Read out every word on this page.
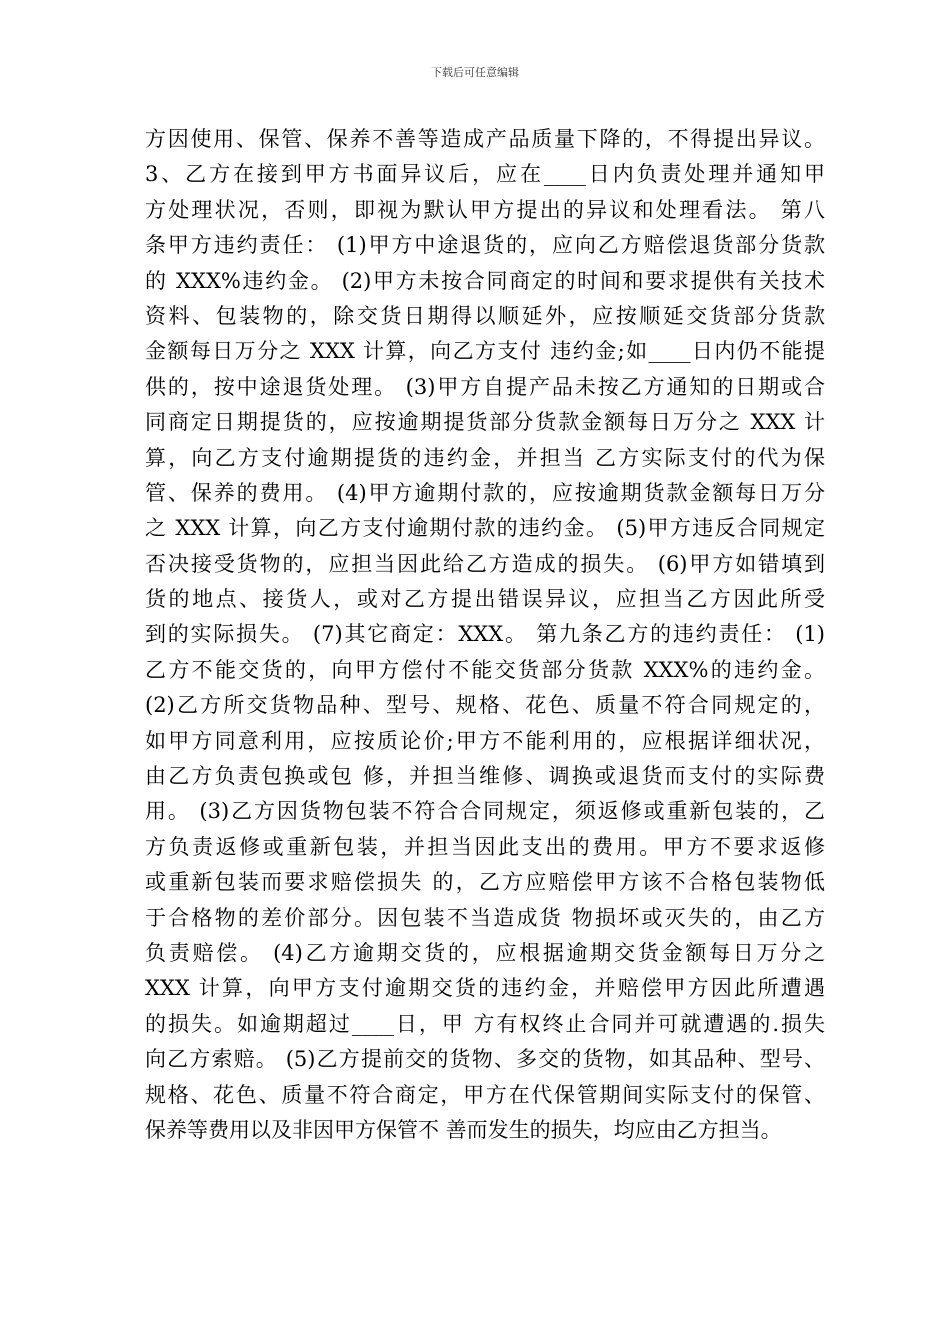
下载后可任意编辑
方因使用、保管、保养不善等造成产品质量下降的，不得提出异议。
3、乙方在接到甲方书面异议后，应在____日内负责处理并通知甲
方处理状况，否则，即视为默认甲方提出的异议和处理看法。 第八
条甲方违约责任： (1)甲方中途退货的，应向乙方赔偿退货部分货款
的 XXX%违约金。 (2)甲方未按合同商定的时间和要求提供有关技术
资料、包装物的，除交货日期得以顺延外，应按顺延交货部分货款
金额每日万分之 XXX 计算，向乙方支付 违约金;如____日内仍不能提
供的，按中途退货处理。 (3)甲方自提产品未按乙方通知的日期或合
同商定日期提货的，应按逾期提货部分货款金额每日万分之 XXX 计
算，向乙方支付逾期提货的违约金，并担当 乙方实际支付的代为保
管、保养的费用。 (4)甲方逾期付款的，应按逾期货款金额每日万分
之 XXX 计算，向乙方支付逾期付款的违约金。 (5)甲方违反合同规定
否决接受货物的，应担当因此给乙方造成的损失。 (6)甲方如错填到
货的地点、接货人，或对乙方提出错误异议，应担当乙方因此所受
到的实际损失。 (7)其它商定：XXX。 第九条乙方的违约责任： (1)
乙方不能交货的，向甲方偿付不能交货部分货款 XXX%的违约金。
(2)乙方所交货物品种、型号、规格、花色、质量不符合同规定的，
如甲方同意利用，应按质论价;甲方不能利用的，应根据详细状况，
由乙方负责包换或包 修，并担当维修、调换或退货而支付的实际费
用。 (3)乙方因货物包装不符合合同规定，须返修或重新包装的，乙
方负责返修或重新包装，并担当因此支出的费用。甲方不要求返修
或重新包装而要求赔偿损失 的，乙方应赔偿甲方该不合格包装物低
于合格物的差价部分。因包装不当造成货 物损坏或灭失的，由乙方
负责赔偿。 (4)乙方逾期交货的，应根据逾期交货金额每日万分之
XXX 计算，向甲方支付逾期交货的违约金，并赔偿甲方因此所遭遇
的损失。如逾期超过____日，甲 方有权终止合同并可就遭遇的.损失
向乙方索赔。 (5)乙方提前交的货物、多交的货物，如其品种、型号、
规格、花色、质量不符合商定，甲方在代保管期间实际支付的保管、
保养等费用以及非因甲方保管不 善而发生的损失，均应由乙方担当。
